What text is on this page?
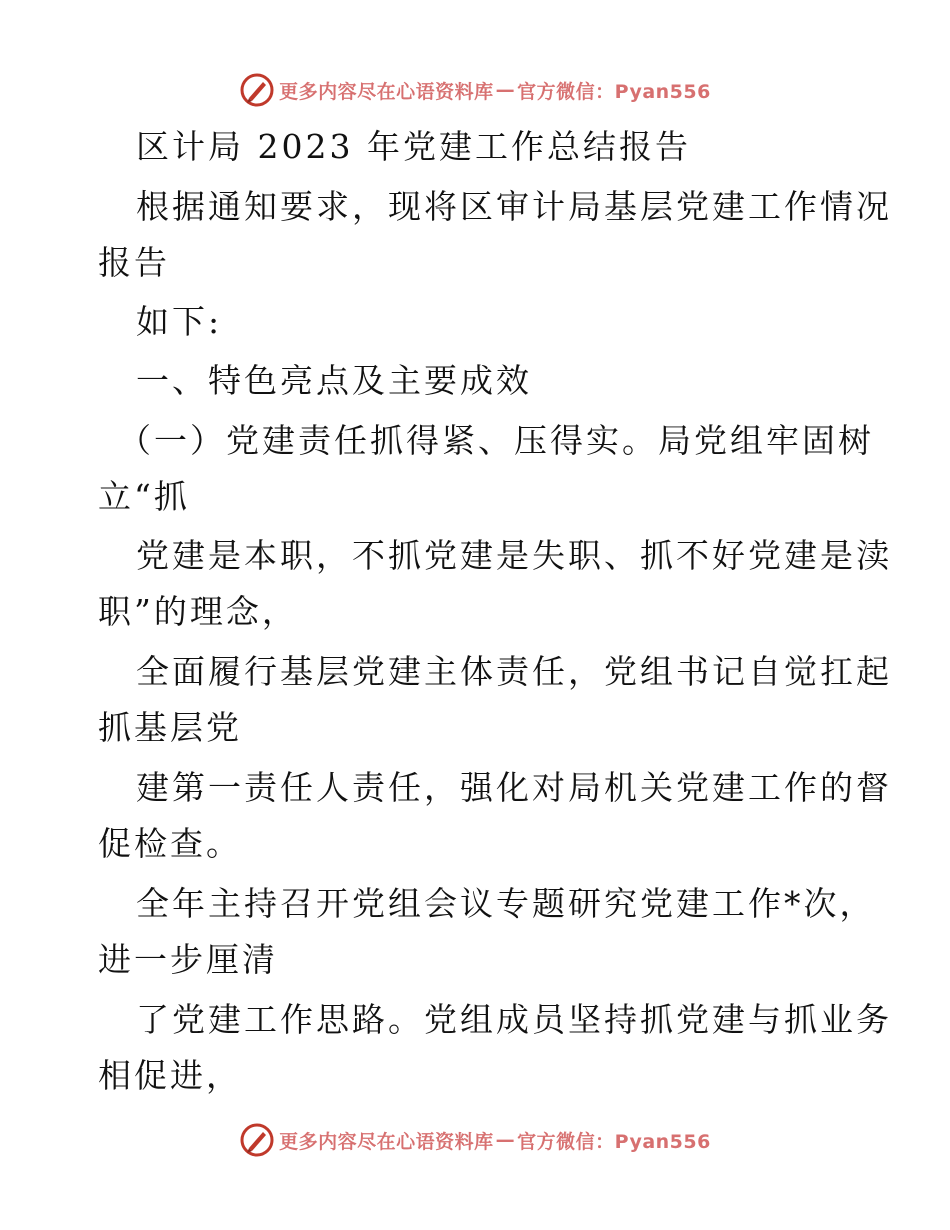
更多内容尽在心语资料库 — 官方微信：Pyan556
区计局 2023 年党建工作总结报告
根据通知要求，现将区审计局基层党建工作情况
报告
如下:
一、特色亮点及主要成效
（一）党建责任抓得紧、压得实。局党组牢固树
立“抓
党建是本职，不抓党建是失职、抓不好党建是渎
职”的理念，
全面履行基层党建主体责任，党组书记自觉扛起
抓基层党
建第一责任人责任，强化对局机关党建工作的督
促检查。
全年主持召开党组会议专题研究党建工作*次，
进一步厘清
了党建工作思路。党组成员坚持抓党建与抓业务
相促进，
更多内容尽在心语资料库 — 官方微信：Pyan556
